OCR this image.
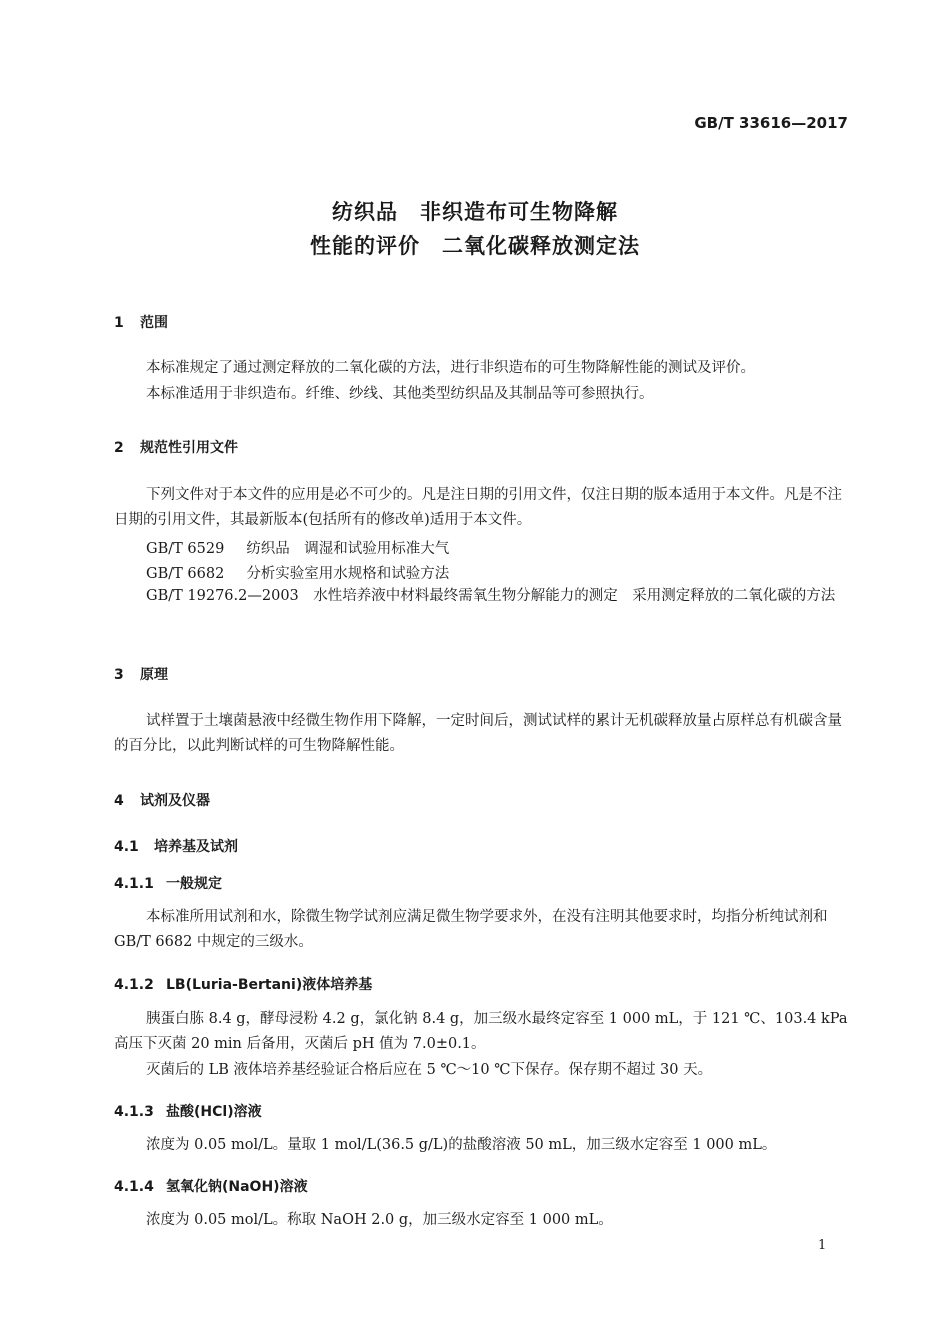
GB/T 33616—2017
纺织品　非织造布可生物降解
性能的评价　二氧化碳释放测定法
1 范围
本标准规定了通过测定释放的二氧化碳的方法，进行非织造布的可生物降解性能的测试及评价。
本标准适用于非织造布。纤维、纱线、其他类型纺织品及其制品等可参照执行。
2 规范性引用文件
下列文件对于本文件的应用是必不可少的。凡是注日期的引用文件，仅注日期的版本适用于本文件。凡是不注日期的引用文件，其最新版本(包括所有的修改单)适用于本文件。
GB/T 6529 纺织品　调湿和试验用标准大气
GB/T 6682 分析实验室用水规格和试验方法
GB/T 19276.2—2003　水性培养液中材料最终需氧生物分解能力的测定　采用测定释放的二氧化碳的方法
3 原理
试样置于土壤菌悬液中经微生物作用下降解，一定时间后，测试试样的累计无机碳释放量占原样总有机碳含量的百分比，以此判断试样的可生物降解性能。
4 试剂及仪器
4.1 培养基及试剂
4.1.1 一般规定
本标准所用试剂和水，除微生物学试剂应满足微生物学要求外，在没有注明其他要求时，均指分析纯试剂和 GB/T 6682 中规定的三级水。
4.1.2 LB(Luria-Bertani)液体培养基
胰蛋白胨 8.4 g，酵母浸粉 4.2 g，氯化钠 8.4 g，加三级水最终定容至 1 000 mL，于 121 ℃、103.4 kPa 高压下灭菌 20 min 后备用，灭菌后 pH 值为 7.0±0.1。
灭菌后的 LB 液体培养基经验证合格后应在 5 ℃～10 ℃下保存。保存期不超过 30 天。
4.1.3 盐酸(HCl)溶液
浓度为 0.05 mol/L。量取 1 mol/L(36.5 g/L)的盐酸溶液 50 mL，加三级水定容至 1 000 mL。
4.1.4 氢氧化钠(NaOH)溶液
浓度为 0.05 mol/L。称取 NaOH 2.0 g，加三级水定容至 1 000 mL。
1
